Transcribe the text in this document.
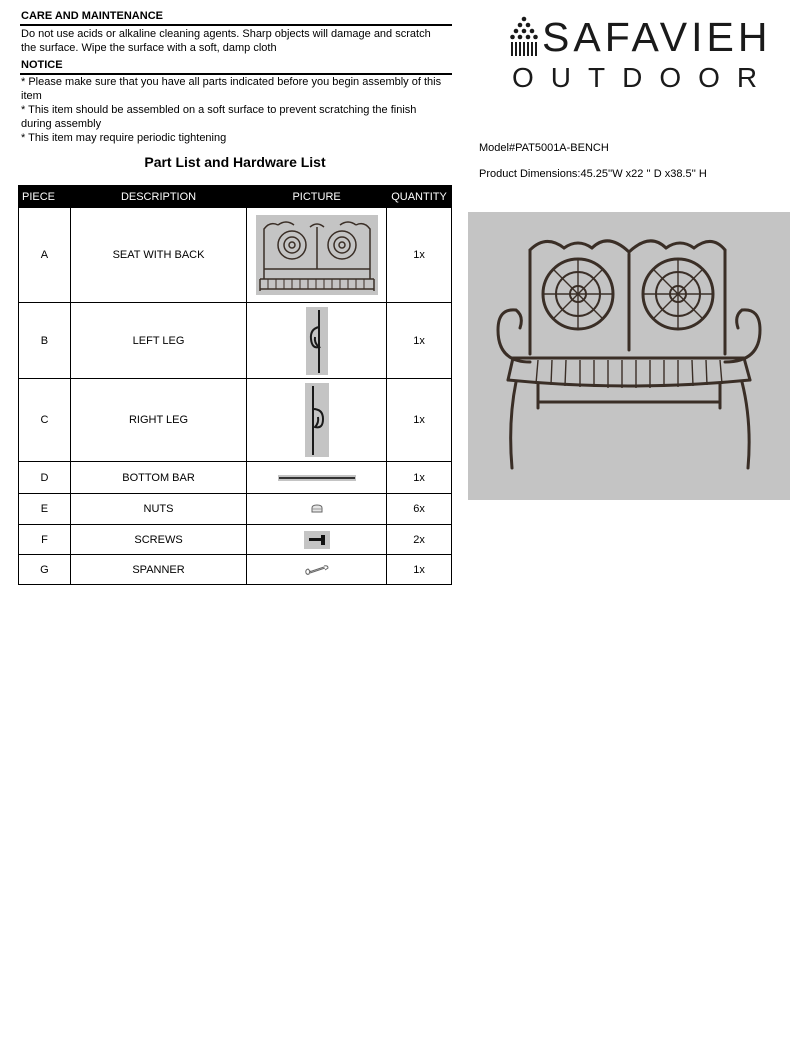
CARE AND MAINTENANCE
Do not use acids or alkaline cleaning agents. Sharp objects will damage and scratch
the surface. Wipe the surface with a soft, damp cloth
NOTICE
* Please make sure that you have all parts indicated before you begin assembly of this
item
* This item should be assembled on a soft surface to prevent scratching the finish
during assembly
* This item may require periodic tightening
Part List and Hardware List
PIECE	DESCRIPTION	PICTURE	QUANTITY
A	SEAT WITH BACK		1x
B	LEFT LEG		1x
C	RIGHT LEG		1x
D	BOTTOM BAR		1x
E	NUTS		6x
F	SCREWS		2x
G	SPANNER		1x
SAFAVIEH
OUTDOOR
Model#PAT5001A-BENCH
Product Dimensions:45.25''W x22 '' D x38.5'' H
